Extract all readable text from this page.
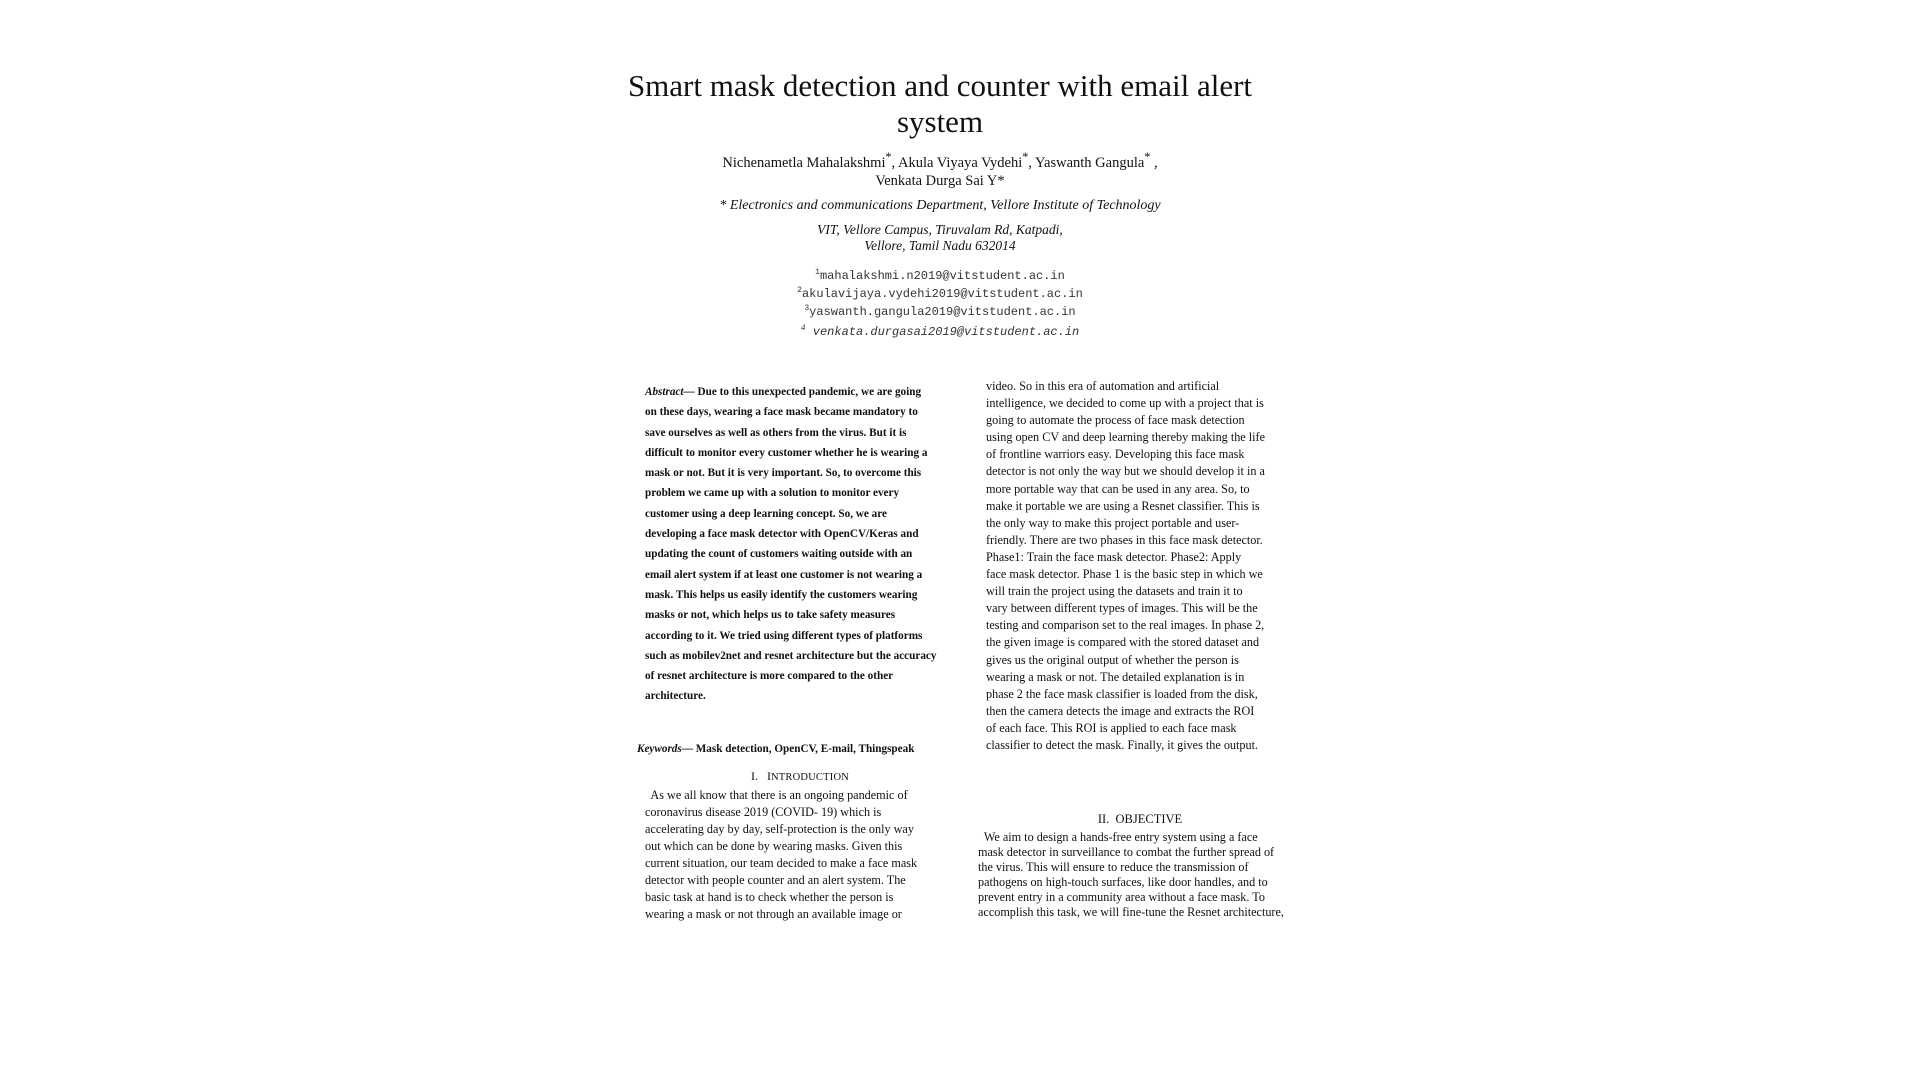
Smart mask detection and counter with email alert
system
Nichenametla Mahalakshmi*, Akula Viyaya Vydehi*, Yaswanth Gangula* ,
Venkata Durga Sai Y*
* Electronics and communications Department, Vellore Institute of Technology
VIT, Vellore Campus, Tiruvalam Rd, Katpadi,
Vellore, Tamil Nadu 632014
$^1$mahalakshmi.n2019@vitstudent.ac.in
$^2$akulavijaya.vydehi2019@vitstudent.ac.in
$^3$yaswanth.gangula2019@vitstudent.ac.in
$^4$ venkata.durgasai2019@vitstudent.ac.in
Abstract— Due to this unexpected pandemic, we are going
on these days, wearing a face mask became mandatory to
save ourselves as well as others from the virus. But it is
difficult to monitor every customer whether he is wearing a
mask or not. But it is very important. So, to overcome this
problem we came up with a solution to monitor every
customer using a deep learning concept. So, we are
developing a face mask detector with OpenCV/Keras and
updating the count of customers waiting outside with an
email alert system if at least one customer is not wearing a
mask. This helps us easily identify the customers wearing
masks or not, which helps us to take safety measures
according to it. We tried using different types of platforms
such as mobilev2net and resnet architecture but the accuracy
of resnet architecture is more compared to the other
architecture.
Keywords— Mask detection, OpenCV, E-mail, Thingspeak
I. INTRODUCTION
As we all know that there is an ongoing pandemic of
coronavirus disease 2019 (COVID- 19) which is
accelerating day by day, self-protection is the only way
out which can be done by wearing masks. Given this
current situation, our team decided to make a face mask
detector with people counter and an alert system. The
basic task at hand is to check whether the person is
wearing a mask or not through an available image or
video. So in this era of automation and artificial
intelligence, we decided to come up with a project that is
going to automate the process of face mask detection
using open CV and deep learning thereby making the life
of frontline warriors easy. Developing this face mask
detector is not only the way but we should develop it in a
more portable way that can be used in any area. So, to
make it portable we are using a Resnet classifier. This is
the only way to make this project portable and user-
friendly. There are two phases in this face mask detector.
Phase1: Train the face mask detector. Phase2: Apply
face mask detector. Phase 1 is the basic step in which we
will train the project using the datasets and train it to
vary between different types of images. This will be the
testing and comparison set to the real images. In phase 2,
the given image is compared with the stored dataset and
gives us the original output of whether the person is
wearing a mask or not. The detailed explanation is in
phase 2 the face mask classifier is loaded from the disk,
then the camera detects the image and extracts the ROI
of each face. This ROI is applied to each face mask
classifier to detect the mask. Finally, it gives the output.
II.  OBJECTIVE
We aim to design a hands-free entry system using a face
mask detector in surveillance to combat the further spread of
the virus. This will ensure to reduce the transmission of
pathogens on high-touch surfaces, like door handles, and to
prevent entry in a community area without a face mask. To
accomplish this task, we will fine-tune the Resnet architecture,
